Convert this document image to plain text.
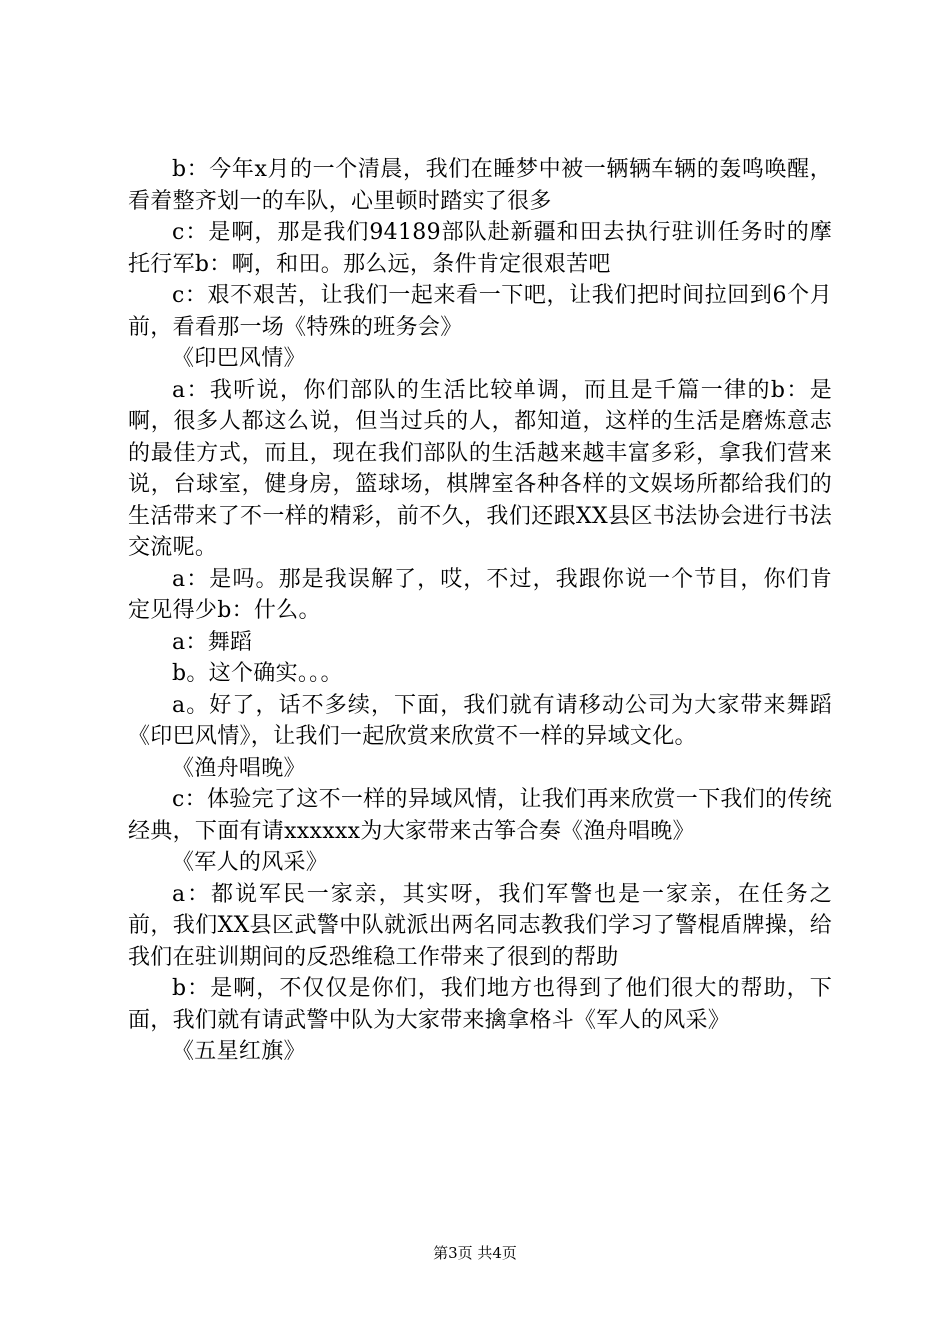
b：今年x月的一个清晨，我们在睡梦中被一辆辆车辆的轰鸣唤醒，看着整齐划一的车队，心里顿时踏实了很多

c：是啊，那是我们94189部队赴新疆和田去执行驻训任务时的摩托行军b：啊，和田。那么远，条件肯定很艰苦吧

c：艰不艰苦，让我们一起来看一下吧，让我们把时间拉回到6个月前，看看那一场《特殊的班务会》

《印巴风情》

a：我听说，你们部队的生活比较单调，而且是千篇一律的b：是啊，很多人都这么说，但当过兵的人，都知道，这样的生活是磨炼意志的最佳方式，而且，现在我们部队的生活越来越丰富多彩，拿我们营来说，台球室，健身房，篮球场，棋牌室各种各样的文娱场所都给我们的生活带来了不一样的精彩，前不久，我们还跟XX县区书法协会进行书法交流呢。

a：是吗。那是我误解了，哎，不过，我跟你说一个节目，你们肯定见得少b：什么。

a：舞蹈

b。这个确实。。。

a。好了，话不多续，下面，我们就有请移动公司为大家带来舞蹈《印巴风情》，让我们一起欣赏来欣赏不一样的异域文化。

《渔舟唱晚》

c：体验完了这不一样的异域风情，让我们再来欣赏一下我们的传统经典，下面有请xxxxxx为大家带来古筝合奏《渔舟唱晚》

《军人的风采》

a：都说军民一家亲，其实呀，我们军警也是一家亲，在任务之前，我们XX县区武警中队就派出两名同志教我们学习了警棍盾牌操，给我们在驻训期间的反恐维稳工作带来了很到的帮助

b：是啊，不仅仅是你们，我们地方也得到了他们很大的帮助，下面，我们就有请武警中队为大家带来擒拿格斗《军人的风采》

《五星红旗》

第3页 共4页
